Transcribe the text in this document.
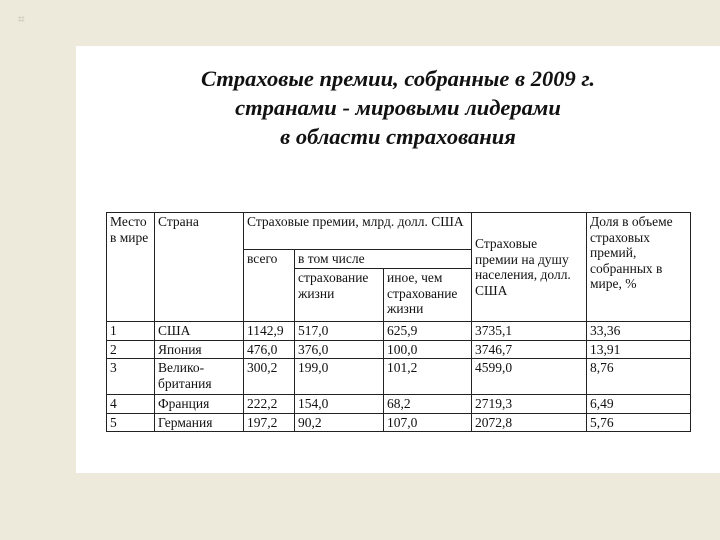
⌗
Страховые премии, собранные в 2009 г.
странами - мировыми лидерами
в области страхования
Место в мире	Страна	Страховые премии, млрд. долл. США			Страховые премии на душу населения, долл. США	Доля в объеме страховых премий, собранных в мире, %
		всего	в том числе			
			страхование жизни	иное, чем страхование жизни		
1	США	1142,9	517,0	625,9	3735,1	33,36
2	Япония	476,0	376,0	100,0	3746,7	13,91
3	Велико-британия	300,2	199,0	101,2	4599,0	8,76
4	Франция	222,2	154,0	68,2	2719,3	6,49
5	Германия	197,2	90,2	107,0	2072,8	5,76
